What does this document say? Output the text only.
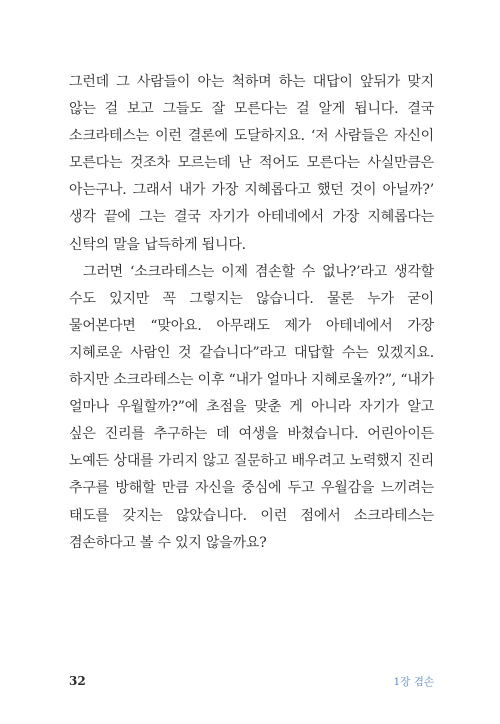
그런데 그 사람들이 아는 척하며 하는 대답이 앞뒤가 맞지 않는 걸 보고 그들도 잘 모른다는 걸 알게 됩니다. 결국 소크라테스는 이런 결론에 도달하지요. ‘저 사람들은 자신이 모른다는 것조차 모르는데 난 적어도 모른다는 사실만큼은 아는구나. 그래서 내가 가장 지혜롭다고 했던 것이 아닐까?’ 생각 끝에 그는 결국 자기가 아테네에서 가장 지혜롭다는 신탁의 말을 납득하게 됩니다.

그러면 ‘소크라테스는 이제 겸손할 수 없나?’라고 생각할 수도 있지만 꼭 그렇지는 않습니다. 물론 누가 굳이 물어본다면 “맞아요. 아무래도 제가 아테네에서 가장 지혜로운 사람인 것 같습니다”라고 대답할 수는 있겠지요. 하지만 소크라테스는 이후 “내가 얼마나 지혜로울까?”, “내가 얼마나 우월할까?”에 초점을 맞춘 게 아니라 자기가 알고 싶은 진리를 추구하는 데 여생을 바쳤습니다. 어린아이든 노예든 상대를 가리지 않고 질문하고 배우려고 노력했지 진리 추구를 방해할 만큼 자신을 중심에 두고 우월감을 느끼려는 태도를 갖지는 않았습니다. 이런 점에서 소크라테스는 겸손하다고 볼 수 있지 않을까요?

32	1장 겸손
